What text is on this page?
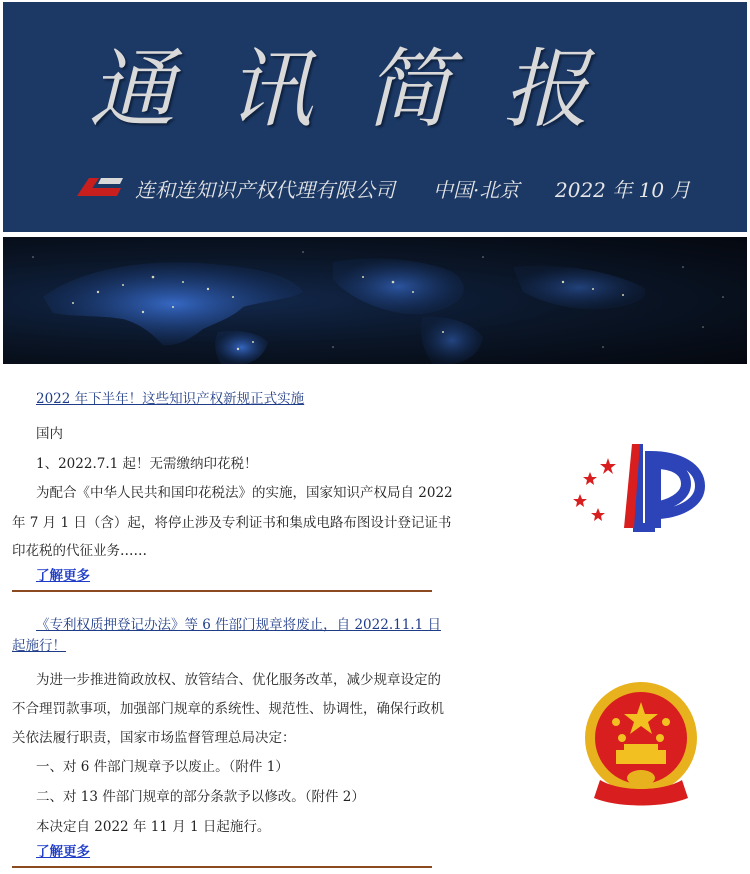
通讯简报
连和连知识产权代理有限公司 中国·北京 2022 年 10 月
2022 年下半年！这些知识产权新规正式实施
国内
1、2022.7.1 起！无需缴纳印花税！
为配合《中华人民共和国印花税法》的实施，国家知识产权局自 2022
年 7 月 1 日（含）起，将停止涉及专利证书和集成电路布图设计登记证书
印花税的代征业务……
了解更多
《专利权质押登记办法》等 6 件部门规章将废止，自 2022.11.1 日
起施行！
为进一步推进简政放权、放管结合、优化服务改革，减少规章设定的
不合理罚款事项，加强部门规章的系统性、规范性、协调性，确保行政机
关依法履行职责，国家市场监督管理总局决定：
一、对 6 件部门规章予以废止。（附件 1）
二、对 13 件部门规章的部分条款予以修改。（附件 2）
本决定自 2022 年 11 月 1 日起施行。
了解更多
